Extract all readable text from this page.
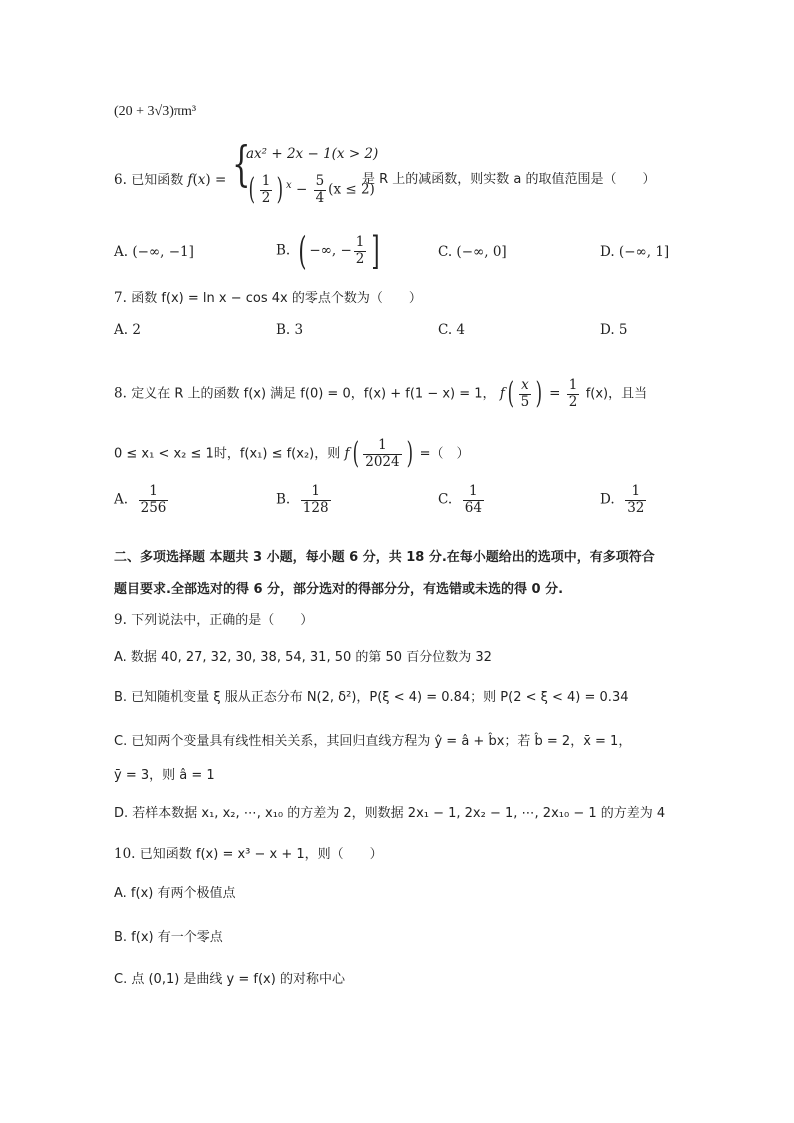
(20 + 3√3)πm³
6. 已知函数 f(x) = {
ax² + 2x − 1(x > 2)
( $\frac{1}{2}$ ) $^x - \frac{5}{4} (x \le 2)$
是 R 上的减函数，则实数 a 的取值范围是（　　）
A. (−∞, −1]	B. ( −∞, − $\frac{1}{2}$ ]	C. (−∞, 0]	D. (−∞, 1]
7. 函数 f(x) = ln x − cos 4x 的零点个数为（　　）
A. 2	B. 3	C. 4	D. 5
8. 定义在 R 上的函数 f(x) 满足 f(0) = 0，f(x) + f(1 − x) = 1， $f( \frac{x}{5}$ ) = $\frac{1}{2} f(x)$，且当
0 ≤ x₁ < x₂ ≤ 1时，f(x₁) ≤ f(x₂)，则 $f( \frac{1}{2024}$ ) =（　）
A. $\frac{1}{256}$	B. $\frac{1}{128}$	C. $\frac{1}{64}$	D. $\frac{1}{32}$
二、多项选择题 本题共 3 小题，每小题 6 分，共 18 分.在每小题给出的选项中，有多项符合
题目要求.全部选对的得 6 分，部分选对的得部分分，有选错或未选的得 0 分.
9. 下列说法中，正确的是（　　）
A. 数据 40, 27, 32, 30, 38, 54, 31, 50 的第 50 百分位数为 32
B. 已知随机变量 ξ 服从正态分布 N(2, δ²)，P(ξ < 4) = 0.84；则 P(2 < ξ < 4) = 0.34
C. 已知两个变量具有线性相关关系，其回归直线方程为 ŷ = â + b̂x；若 b̂ = 2，x̄ = 1，
ȳ = 3，则 â = 1
D. 若样本数据 x₁, x₂, ⋯, x₁₀ 的方差为 2，则数据 2x₁ − 1, 2x₂ − 1, ⋯, 2x₁₀ − 1 的方差为 4
10. 已知函数 f(x) = x³ − x + 1，则（　　）
A. f(x) 有两个极值点
B. f(x) 有一个零点
C. 点 (0,1) 是曲线 y = f(x) 的对称中心
